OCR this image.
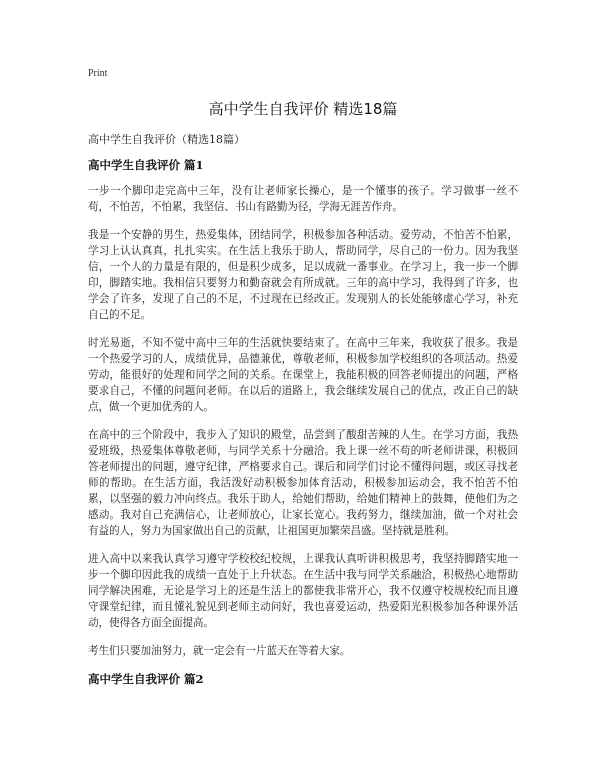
Print
高中学生自我评价 精选18篇
高中学生自我评价（精选18篇）
高中学生自我评价 篇1

一步一个脚印走完高中三年，没有让老师家长操心，是一个懂事的孩子。学习做事一丝不苟，不怕苦，不怕累，我坚信、书山有路勤为径，学海无涯苦作舟。

我是一个安静的男生，热爱集体，团结同学，积极参加各种活动。爱劳动，不怕苦不怕累，学习上认认真真，扎扎实实。在生活上我乐于助人，帮助同学，尽自己的一份力。因为我坚信，一个人的力量是有限的，但是积少成多，足以成就一番事业。在学习上，我一步一个脚印，脚踏实地。我相信只要努力和勤奋就会有所成就。三年的高中学习，我得到了许多，也学会了许多，发现了自己的不足，不过现在已经改正。发现别人的长处能够虚心学习，补充自己的不足。

时光易逝，不知不觉中高中三年的生活就快要结束了。在高中三年来，我收获了很多。我是一个热爱学习的人，成绩优异，品德兼优，尊敬老师，积极参加学校组织的各项活动。热爱劳动，能很好的处理和同学之间的关系。在课堂上，我能积极的回答老师提出的问题，严格要求自己，不懂的问题问老师。在以后的道路上，我会继续发展自己的优点，改正自己的缺点，做一个更加优秀的人。

在高中的三个阶段中，我步入了知识的殿堂，品尝到了酸甜苦辣的人生。在学习方面，我热爱班级，热爱集体尊敬老师，与同学关系十分融洽。我上课一丝不苟的听老师讲课，积极回答老师提出的问题，遵守纪律，严格要求自己。课后和同学们讨论不懂得问题，或区寻找老师的帮助。在生活方面，我活泼好动积极参加体育活动，积极参加运动会，我不怕苦不怕累，以坚强的毅力冲向终点。我乐于助人，给她们帮助，给她们精神上的鼓舞，使他们为之感动。我对自己充满信心，让老师放心，让家长宽心。我药努力，继续加油，做一个对社会有益的人，努力为国家做出自己的贡献，让祖国更加繁荣昌盛。坚持就是胜利。

进入高中以来我认真学习遵守学校校纪校规，上课我认真听讲积极思考，我坚持脚踏实地一步一个脚印因此我的成绩一直处于上升状态。在生活中我与同学关系融洽，积极热心地帮助同学解决困难，无论是学习上的还是生活上的都使我非常开心，我不仅遵守校规校纪而且遵守课堂纪律，而且懂礼貌见到老师主动问好，我也喜爱运动，热爱阳光积极参加各种课外活动，使得各方面全面提高。

考生们只要加油努力，就一定会有一片蓝天在等着大家。

高中学生自我评价 篇2
